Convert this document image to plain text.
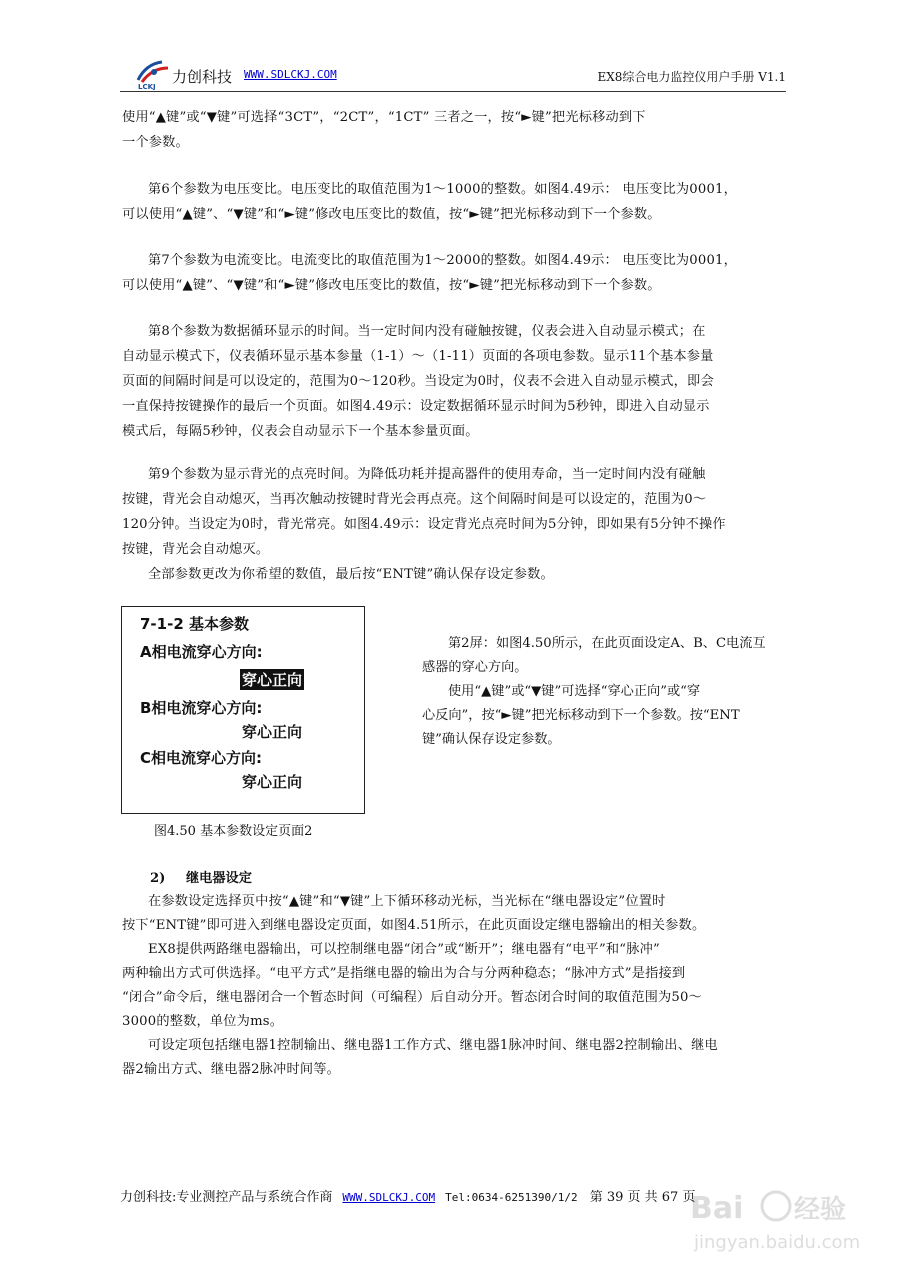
LCKJ
力创科技 WWW.SDLCKJ.COM	EX8综合电力监控仪用户手册 V1.1

使用“▲键”或“▼键”可选择“3CT”，“2CT”，“1CT” 三者之一，按“►键”把光标移动到下
一个参数。

第6个参数为电压变比。电压变比的取值范围为1～1000的整数。如图4.49示： 电压变比为0001，
可以使用“▲键”、“▼键”和“►键”修改电压变比的数值，按“►键”把光标移动到下一个参数。

第7个参数为电流变比。电流变比的取值范围为1～2000的整数。如图4.49示： 电压变比为0001，
可以使用“▲键”、“▼键”和“►键”修改电压变比的数值，按“►键”把光标移动到下一个参数。

第8个参数为数据循环显示的时间。当一定时间内没有碰触按键，仪表会进入自动显示模式；在
自动显示模式下，仪表循环显示基本参量（1-1）～（1-11）页面的各项电参数。显示11个基本参量
页面的间隔时间是可以设定的，范围为0～120秒。当设定为0时，仪表不会进入自动显示模式，即会
一直保持按键操作的最后一个页面。如图4.49示：设定数据循环显示时间为5秒钟，即进入自动显示
模式后，每隔5秒钟，仪表会自动显示下一个基本参量页面。

第9个参数为显示背光的点亮时间。为降低功耗并提高器件的使用寿命，当一定时间内没有碰触
按键，背光会自动熄灭，当再次触动按键时背光会再点亮。这个间隔时间是可以设定的，范围为0～
120分钟。当设定为0时，背光常亮。如图4.49示：设定背光点亮时间为5分钟，即如果有5分钟不操作
按键，背光会自动熄灭。
全部参数更改为你希望的数值，最后按“ENT键”确认保存设定参数。

7-1-2 基本参数
A相电流穿心方向:
穿心正向
B相电流穿心方向:
穿心正向
C相电流穿心方向:
穿心正向
图4.50 基本参数设定页面2
第2屏：如图4.50所示，在此页面设定A、B、C电流互
感器的穿心方向。
使用“▲键”或“▼键”可选择“穿心正向”或“穿
心反向”，按“►键”把光标移动到下一个参数。按“ENT
键”确认保存设定参数。
2) 继电器设定

在参数设定选择页中按“▲键”和“▼键”上下循环移动光标，当光标在“继电器设定”位置时
按下“ENT键”即可进入到继电器设定页面，如图4.51所示，在此页面设定继电器输出的相关参数。

EX8提供两路继电器输出，可以控制继电器“闭合”或“断开”；继电器有“电平”和“脉冲”
两种输出方式可供选择。“电平方式”是指继电器的输出为合与分两种稳态；“脉冲方式”是指接到
“闭合”命令后，继电器闭合一个暂态时间（可编程）后自动分开。暂态闭合时间的取值范围为50～
3000的整数，单位为ms。

可设定项包括继电器1控制输出、继电器1工作方式、继电器1脉冲时间、继电器2控制输出、继电
器2输出方式、继电器2脉冲时间等。

力创科技:专业测控产品与系统合作商 WWW.SDLCKJ.COM Tel:0634-6251390/1/2 第 39 页 共 67 页
Bai 经验
jingyan.baidu.com
